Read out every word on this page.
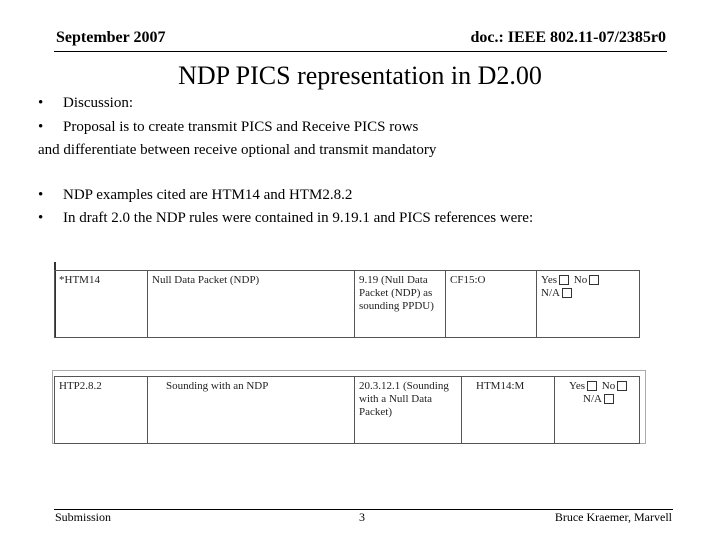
September 2007	doc.: IEEE 802.11-07/2385r0
NDP PICS representation in D2.00
• Discussion:
• Proposal is to create transmit PICS and Receive PICS rows
and differentiate between receive optional and transmit mandatory
• NDP examples cited are HTM14 and HTM2.8.2
• In draft 2.0 the NDP rules were contained in 9.19.1 and PICS references were:
*HTM14	Null Data Packet (NDP)	9.19 (Null Data Packet (NDP) as sounding PPDU)	CF15:O	Yes No
N/A
HTP2.8.2	Sounding with an NDP	20.3.12.1 (Sounding with a Null Data Packet)	HTM14:M	Yes No
N/A
Submission	3	Bruce Kraemer, Marvell
